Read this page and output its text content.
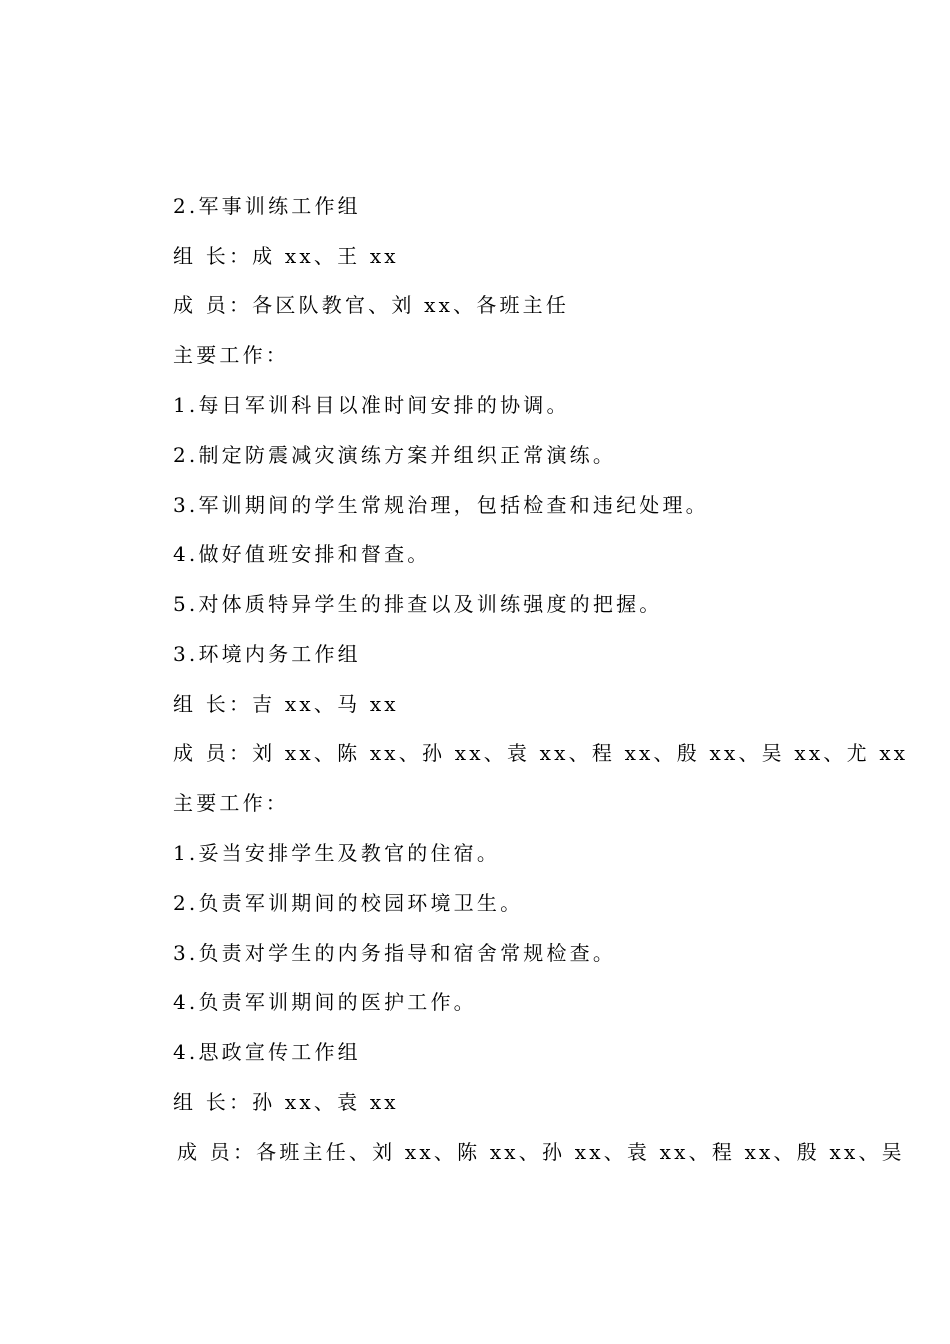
2.军事训练工作组
组 长：成 xx、王 xx
成 员：各区队教官、刘 xx、各班主任
主要工作：
1.每日军训科目以准时间安排的协调。
2.制定防震减灾演练方案并组织正常演练。
3.军训期间的学生常规治理，包括检查和违纪处理。
4.做好值班安排和督查。
5.对体质特异学生的排查以及训练强度的把握。
3.环境内务工作组
组 长：吉 xx、马 xx
成 员：刘 xx、陈 xx、孙 xx、袁 xx、程 xx、殷 xx、吴 xx、尤 xx
主要工作：
1.妥当安排学生及教官的住宿。
2.负责军训期间的校园环境卫生。
3.负责对学生的内务指导和宿舍常规检查。
4.负责军训期间的医护工作。
4.思政宣传工作组
组 长：孙 xx、袁 xx
成 员：各班主任、刘 xx、陈 xx、孙 xx、袁 xx、程 xx、殷 xx、吴
